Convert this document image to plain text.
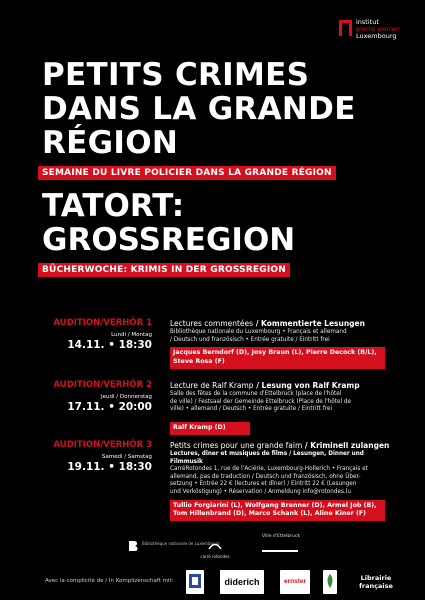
institut
pierre werner
Luxembourg
PETITS CRIMES
DANS LA GRANDE
RÉGION
SEMAINE DU LIVRE POLICIER DANS LA GRANDE RÉGION
TATORT:
GROSSREGION
BÜCHERWOCHE: KRIMIS IN DER GROSSREGION
AUDITION/VERHÖR 1
Lundi / Montag
14.11. • 18:30
Lectures commentées / Kommentierte Lesungen
Bibliothèque nationale du Luxembourg • Français et allemand
/ Deutsch und französisch • Entrée gratuite / Eintritt frei
Jacques Berndorf (D), Josy Braun (L), Pierre Decock (B/L), Steve Rosa (F)
AUDITION/VERHÖR 2
Jeudi / Donnerstag
17.11. • 20:00
Lecture de Ralf Kramp / Lesung von Ralf Kramp
Salle des fêtes de la commune d'Ettelbruck (place de l'hôtel
de ville) / Festsaal der Gemeinde Ettelbruck (Place de l'hôtel de
ville) • allemand / Deutsch • Entrée gratuite / Eintritt frei
Ralf Kramp (D)
AUDITION/VERHÖR 3
Samedi / Samstag
19.11. • 18:30
Petits crimes pour une grande faim / Kriminell zulangen
Lectures, dîner et musiques de films / Lesungen, Dinner und Filmmusik
CarréRotondes 1, rue de l'Aciérie, Luxembourg-Hollerich • Français et
allemand, pas de traduction / Deutsch und französisch, ohne Über-
setzung • Entrée 22 € (lectures et dîner) / Eintritt 22 € (Lesungen
und Verköstigung) • Réservation / Anmeldung info@rotondes.lu
Tullio Forgiarini (L), Wolfgang Brenner (D), Armel Job (B), Tom Hillenbrand (D), Marco Schank (L), Aline Kiner (F)
Bibliothèque nationale de Luxembourg
carré rotondes
Ville d'Ettelbruck
Avec la complicité de / In Komplizenschaft mit:	diderich	ernster	Librairie française
